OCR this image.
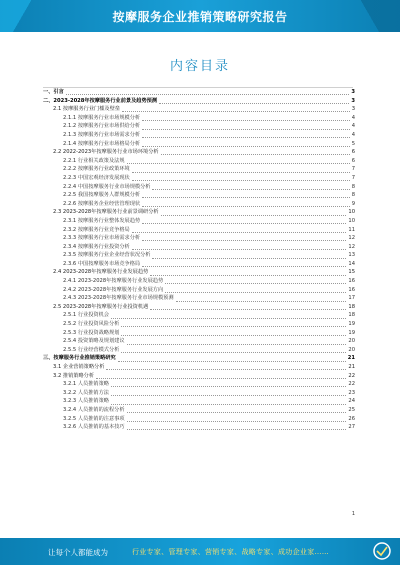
按摩服务企业推销策略研究报告
内容目录
一、引言	3
二、2023-2028年按摩服务行业前景及趋势预测	3
2.1 按摩服务行业门槛及壁垒	3
2.1.1 按摩服务行业市场规模分析	4
2.1.2 按摩服务行业市场供给分析	4
2.1.3 按摩服务行业市场需求分析	4
2.1.4 按摩服务行业市场格局分析	5
2.2 2022-2023年按摩服务行业市场环境分析	6
2.2.1 行业相关政策及法规	6
2.2.2 按摩服务行业政策环境	7
2.2.3 中国宏观经济发展现状	7
2.2.4 中国按摩服务行业市场规模分析	8
2.2.5 我国按摩服务人群规模分析	8
2.2.6 按摩服务企业经营管理现状	9
2.3 2023-2028年按摩服务行业前景调研分析	10
2.3.1 按摩服务行业整体发展趋势	10
2.3.2 按摩服务行业竞争格局	11
2.3.3 按摩服务行业市场需求分析	12
2.3.4 按摩服务行业投资分析	12
2.3.5 按摩服务行业企业经营状况分析	13
2.3.6 中国按摩服务市场竞争格局	14
2.4 2023-2028年按摩服务行业发展趋势	15
2.4.1 2023-2028年按摩服务行业发展趋势	16
2.4.2 2023-2028年按摩服务行业发展方向	16
2.4.3 2023-2028年按摩服务行业市场规模预测	17
2.5 2023-2028年按摩服务行业投资机遇	18
2.5.1 行业投资机会	18
2.5.2 行业投资风险分析	19
2.5.3 行业投资战略规划	19
2.5.4 投资策略及规划建议	20
2.5.5 行业经营模式分析	20
三、按摩服务行业推销策略研究	21
3.1 企业营销策略分析	21
3.2 推销策略分析	22
3.2.1 人员推销策略	22
3.2.2 人员推销方法	23
3.2.3 人员推销策略	24
3.2.4 人员推销的流程分析	25
3.2.5 人员推销的注意事项	26
3.2.6 人员推销的基本技巧	27
1
让每个人都能成为	行业专家、管理专家、营销专家、战略专家、成功企业家……
